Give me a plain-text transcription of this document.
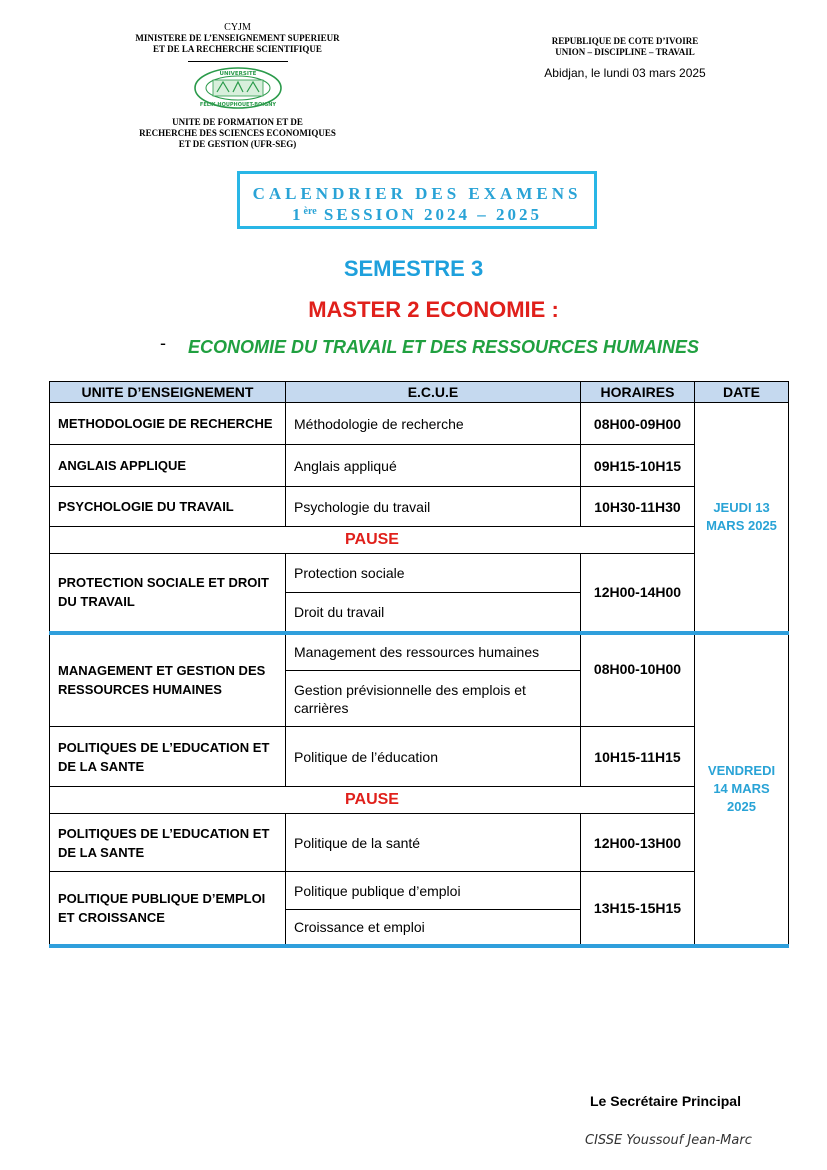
CYJM
MINISTERE DE L’ENSEIGNEMENT SUPERIEUR
ET DE LA RECHERCHE SCIENTIFIQUE
UNIVERSITE
FELIX HOUPHOUET-BOIGNY
UNITE DE FORMATION ET DE
RECHERCHE DES SCIENCES ECONOMIQUES
ET DE GESTION (UFR-SEG)
REPUBLIQUE DE COTE D’IVOIRE
UNION – DISCIPLINE – TRAVAIL
Abidjan, le lundi 03 mars 2025
CALENDRIER DES EXAMENS
1ère SESSION 2024 – 2025
SEMESTRE 3
MASTER 2 ECONOMIE :
- ECONOMIE DU TRAVAIL ET DES RESSOURCES HUMAINES
UNITE D’ENSEIGNEMENT	E.C.U.E	HORAIRES	DATE
METHODOLOGIE DE RECHERCHE	Méthodologie de recherche	08H00-09H00	JEUDI 13 MARS 2025
ANGLAIS APPLIQUE	Anglais appliqué	09H15-10H15	
PSYCHOLOGIE DU TRAVAIL	Psychologie du travail	10H30-11H30	
PAUSE			
PROTECTION SOCIALE ET DROIT DU TRAVAIL	Protection sociale	12H00-14H00	
	Droit du travail		
MANAGEMENT ET GESTION DES RESSOURCES HUMAINES	Management des ressources humaines	08H00-10H00	VENDREDI 14 MARS 2025
	Gestion prévisionnelle des emplois et carrières		
POLITIQUES DE L’EDUCATION ET DE LA SANTE	Politique de l’éducation	10H15-11H15	
PAUSE			
POLITIQUES DE L’EDUCATION ET DE LA SANTE	Politique de la santé	12H00-13H00	
POLITIQUE PUBLIQUE D’EMPLOI ET CROISSANCE	Politique publique d’emploi	13H15-15H15	
	Croissance et emploi		
Le Secrétaire Principal
CISSE Youssouf Jean-Marc
